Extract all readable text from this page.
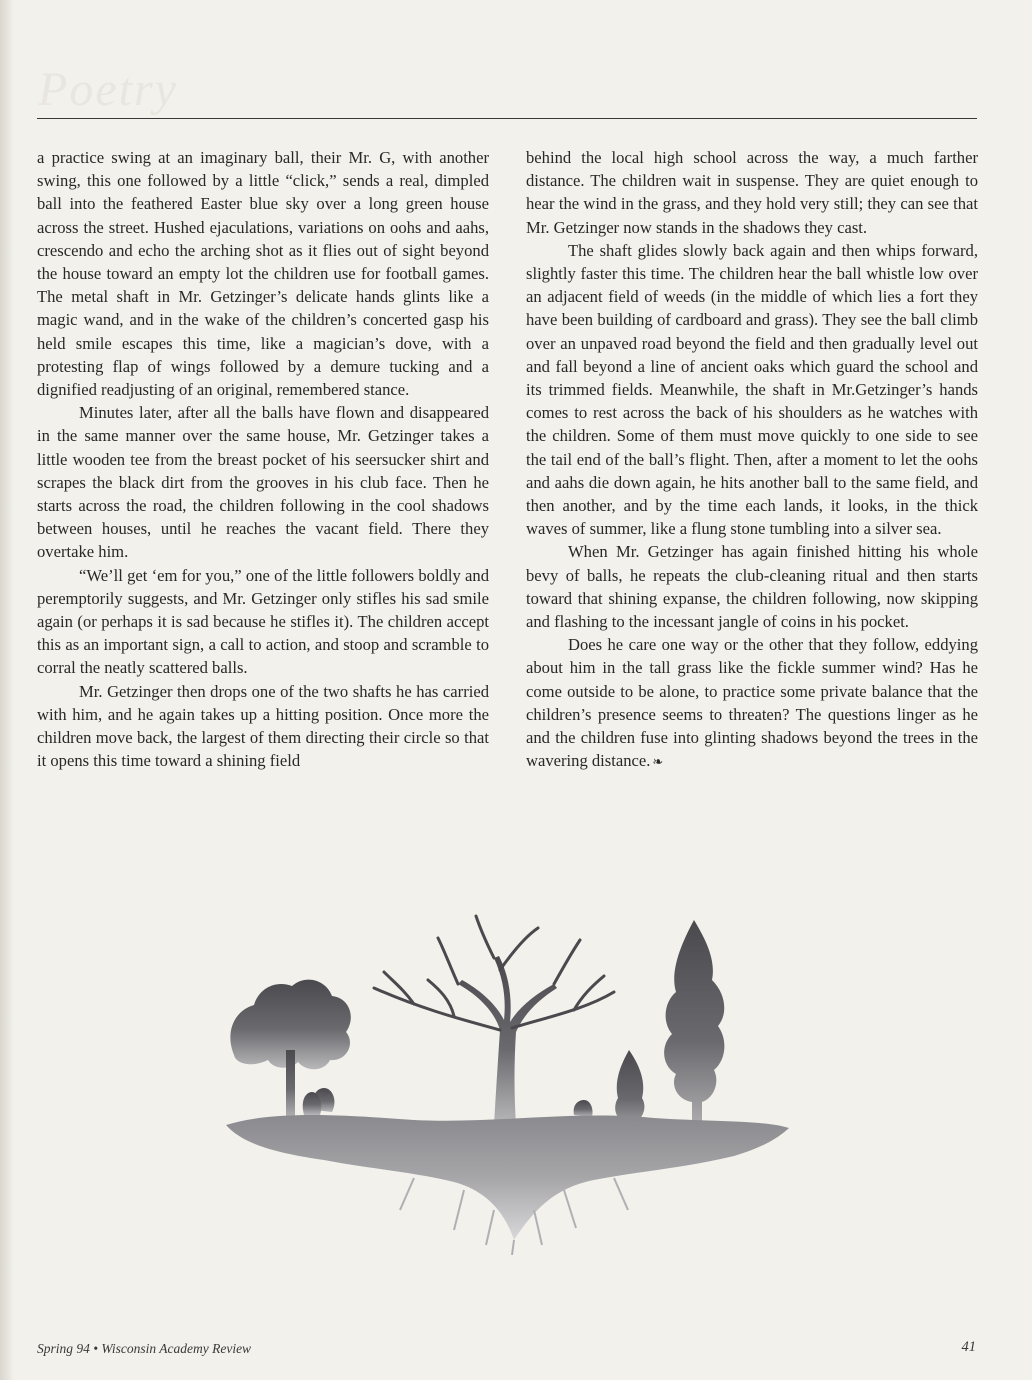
Poetry

a practice swing at an imaginary ball, their Mr. G, with another swing, this one followed by a little “click,” sends a real, dimpled ball into the feathered Easter blue sky over a long green house across the street. Hushed ejaculations, variations on oohs and aahs, crescendo and echo the arching shot as it flies out of sight beyond the house toward an empty lot the children use for football games. The metal shaft in Mr. Getzinger’s delicate hands glints like a magic wand, and in the wake of the children’s concerted gasp his held smile escapes this time, like a magician’s dove, with a protesting flap of wings followed by a demure tucking and a dignified readjusting of an original, remembered stance.

Minutes later, after all the balls have flown and disappeared in the same manner over the same house, Mr. Getzinger takes a little wooden tee from the breast pocket of his seersucker shirt and scrapes the black dirt from the grooves in his club face. Then he starts across the road, the children following in the cool shadows between houses, until he reaches the vacant field. There they overtake him.

“We’ll get ‘em for you,” one of the little followers boldly and peremptorily suggests, and Mr. Getzinger only stifles his sad smile again (or perhaps it is sad because he stifles it). The children accept this as an important sign, a call to action, and stoop and scramble to corral the neatly scattered balls.

Mr. Getzinger then drops one of the two shafts he has carried with him, and he again takes up a hitting position. Once more the children move back, the largest of them directing their circle so that it opens this time toward a shining field

behind the local high school across the way, a much farther distance. The children wait in suspense. They are quiet enough to hear the wind in the grass, and they hold very still; they can see that Mr. Getzinger now stands in the shadows they cast.

The shaft glides slowly back again and then whips forward, slightly faster this time. The children hear the ball whistle low over an adjacent field of weeds (in the middle of which lies a fort they have been building of cardboard and grass). They see the ball climb over an unpaved road beyond the field and then gradually level out and fall beyond a line of ancient oaks which guard the school and its trimmed fields. Meanwhile, the shaft in Mr.Getzinger’s hands comes to rest across the back of his shoulders as he watches with the children. Some of them must move quickly to one side to see the tail end of the ball’s flight. Then, after a moment to let the oohs and aahs die down again, he hits another ball to the same field, and then another, and by the time each lands, it looks, in the thick waves of summer, like a flung stone tumbling into a silver sea.

When Mr. Getzinger has again finished hitting his whole bevy of balls, he repeats the club-cleaning ritual and then starts toward that shining expanse, the children following, now skipping and flashing to the incessant jangle of coins in his pocket.

Does he care one way or the other that they follow, eddying about him in the tall grass like the fickle summer wind? Has he come outside to be alone, to practice some private balance that the children’s presence seems to threaten? The questions linger as he and the children fuse into glinting shadows beyond the trees in the wavering distance. ❧

Spring 94 • Wisconsin Academy Review	41
